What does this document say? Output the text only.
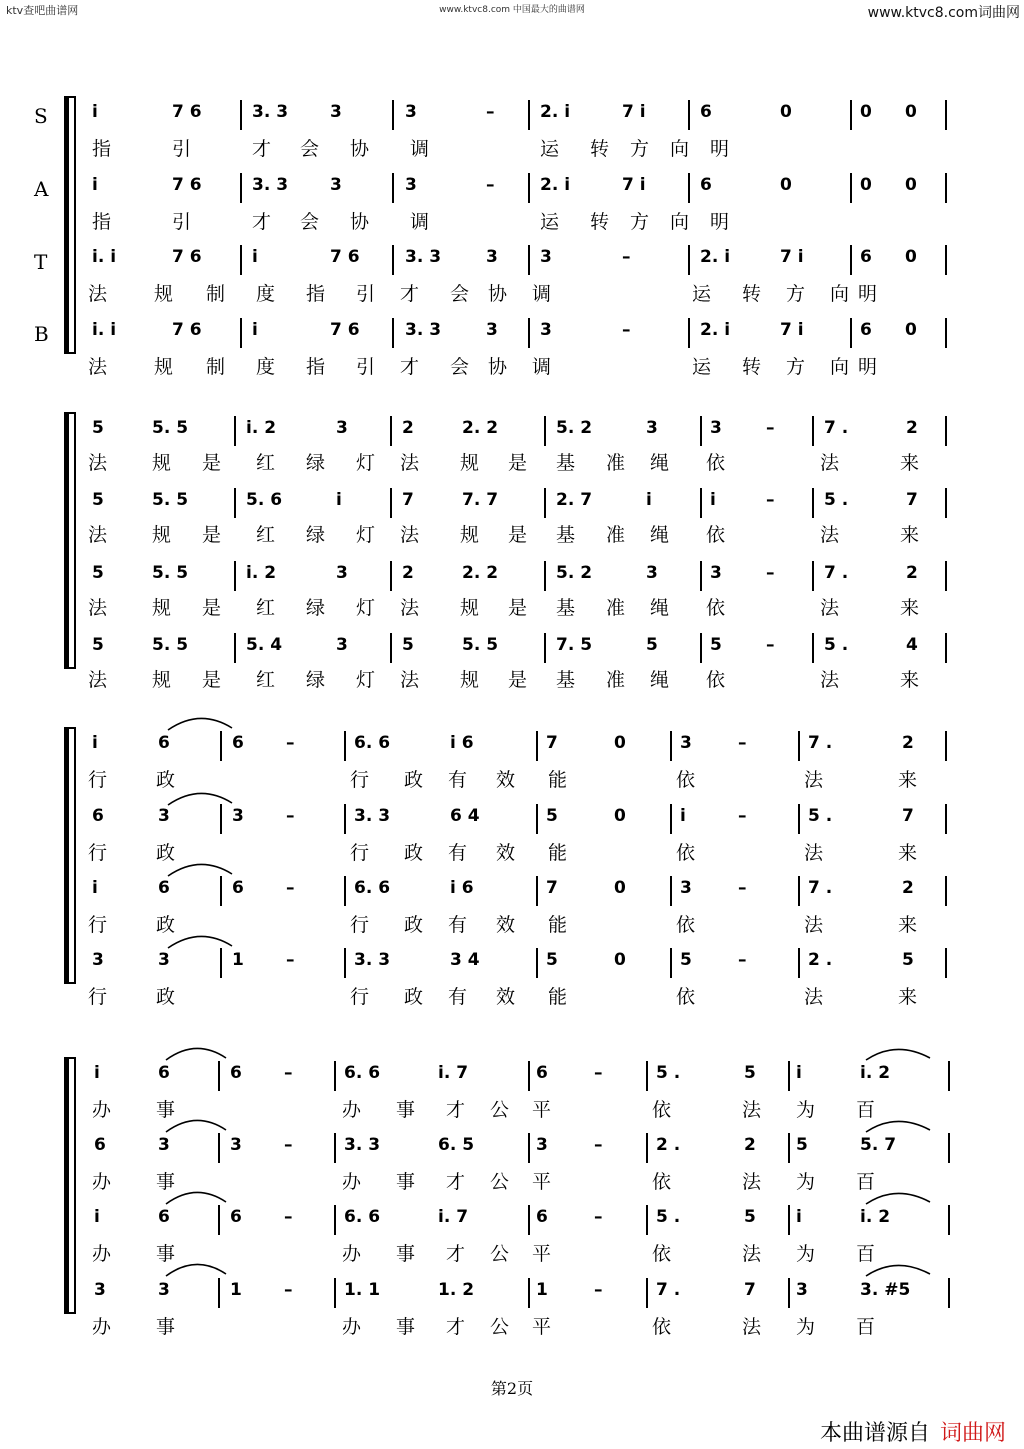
ktv查吧曲谱网	www.ktvc8.com 中国最大的曲谱网	www.ktvc8.com词曲网
S
A
T
B
i	7 6	3. 3 3	3	–	2. i	7 i	6	0	0 0
指	引	才 会 协 调	运 转 方 向 明
i	7 6	3. 3 3	3	–	2. i	7 i	6	0	0 0
指	引	才 会 协 调	运 转 方 向 明
i. i	7 6	i	7 6	3. 3	3 3	–	2. i	7 i	6 0
法 规 制 度 指 引 才 会 协 调	运 转 方 向 明
i. i	7 6	i	7 6	3. 3	3 3	–	2. i	7 i	6 0
法 规 制 度 指 引 才 会 协 调	运 转 方 向 明
5	5. 5	i. 2	3	2	2. 2	5. 2	3	3	–	7 .	2
法 规 是 红 绿 灯 法 规 是 基 准 绳 依	法	来
5	5. 5	5. 6	i	7	7. 7	2. 7	i	i	–	5 .	7
法 规 是 红 绿 灯 法 规 是 基 准 绳 依	法	来
5	5. 5	i. 2	3	2	2. 2	5. 2	3	3	–	7 .	2
法 规 是 红 绿 灯 法 规 是 基 准 绳 依	法	来
5	5. 5	5. 4	3	5	5. 5	7. 5	5	5	–	5 .	4
法 规 是 红 绿 灯 法 规 是 基 准 绳 依	法	来
i	6	6 –	6. 6	i 6	7	0	3	–	7 .	2
行	政	行 政 有 效 能	依	法	来
6	3	3 –	3. 3	6 4	5	0	i	–	5 .	7
行	政	行 政 有 效 能	依	法	来
i	6	6 –	6. 6	i 6	7	0	3	–	7 .	2
行	政	行 政 有 效 能	依	法	来
3	3	1 –	3. 3	3 4	5	0	5	–	2 .	5
行	政	行 政 有 效 能	依	法	来
i	6	6 –	6. 6	i. 7	6	–	5 .	5 i	i. 2
办 事	办 事 才 公 平	依	法 为 百
6	3	3 –	3. 3	6. 5	3	–	2 .	2 5	5. 7
办 事	办 事 才 公 平	依	法 为 百
i	6	6 –	6. 6	i. 7	6	–	5 .	5 i	i. 2
办 事	办 事 才 公 平	依	法 为 百
3	3	1 –	1. 1	1. 2	1	–	7 .	7 3	3. #5
办 事	办 事 才 公 平	依	法 为 百
第2页
本曲谱源自 词曲网
